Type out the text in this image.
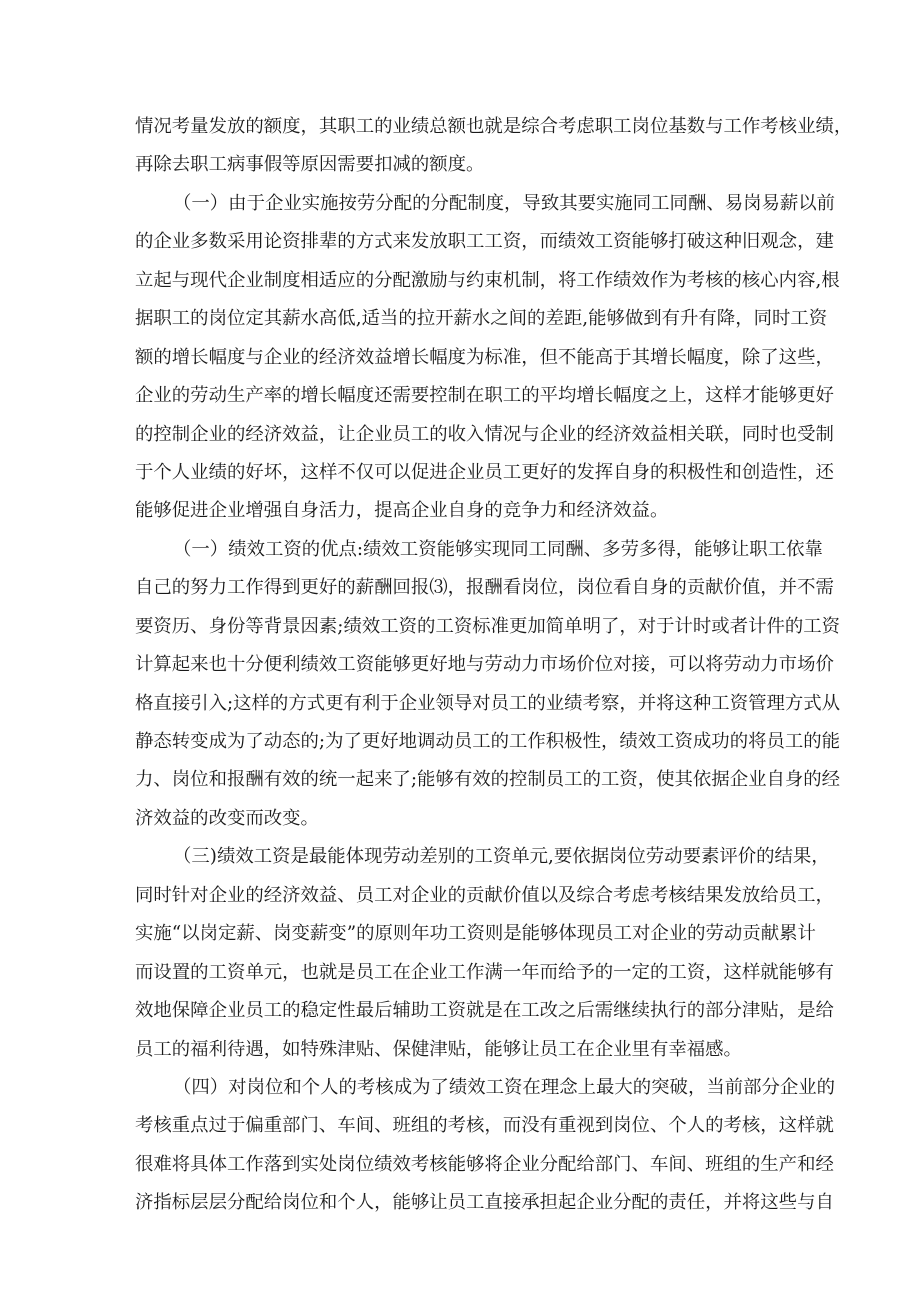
情况考量发放的额度，其职工的业绩总额也就是综合考虑职工岗位基数与工作考核业绩，
再除去职工病事假等原因需要扣减的额度。
（一）由于企业实施按劳分配的分配制度，导致其要实施同工同酬、易岗易薪以前
的企业多数采用论资排辈的方式来发放职工工资，而绩效工资能够打破这种旧观念，建
立起与现代企业制度相适应的分配激励与约束机制，将工作绩效作为考核的核心内容,根
据职工的岗位定其薪水高低,适当的拉开薪水之间的差距,能够做到有升有降，同时工资
额的增长幅度与企业的经济效益增长幅度为标准，但不能高于其增长幅度，除了这些，
企业的劳动生产率的增长幅度还需要控制在职工的平均增长幅度之上，这样才能够更好
的控制企业的经济效益，让企业员工的收入情况与企业的经济效益相关联，同时也受制
于个人业绩的好坏，这样不仅可以促进企业员工更好的发挥自身的积极性和创造性，还
能够促进企业增强自身活力，提高企业自身的竞争力和经济效益。
（一）绩效工资的优点:绩效工资能够实现同工同酬、多劳多得，能够让职工依靠
自己的努力工作得到更好的薪酬回报⑶，报酬看岗位，岗位看自身的贡献价值，并不需
要资历、身份等背景因素;绩效工资的工资标准更加简单明了，对于计时或者计件的工资
计算起来也十分便利绩效工资能够更好地与劳动力市场价位对接，可以将劳动力市场价
格直接引入;这样的方式更有利于企业领导对员工的业绩考察，并将这种工资管理方式从
静态转变成为了动态的;为了更好地调动员工的工作积极性，绩效工资成功的将员工的能
力、岗位和报酬有效的统一起来了;能够有效的控制员工的工资，使其依据企业自身的经
济效益的改变而改变。
（三)绩效工资是最能体现劳动差别的工资单元,要依据岗位劳动要素评价的结果，
同时针对企业的经济效益、员工对企业的贡献价值以及综合考虑考核结果发放给员工，
实施“以岗定薪、岗变薪变”的原则年功工资则是能够体现员工对企业的劳动贡献累计
而设置的工资单元，也就是员工在企业工作满一年而给予的一定的工资，这样就能够有
效地保障企业员工的稳定性最后辅助工资就是在工改之后需继续执行的部分津贴，是给
员工的福利待遇，如特殊津贴、保健津贴，能够让员工在企业里有幸福感。
（四）对岗位和个人的考核成为了绩效工资在理念上最大的突破，当前部分企业的
考核重点过于偏重部门、车间、班组的考核，而没有重视到岗位、个人的考核，这样就
很难将具体工作落到实处岗位绩效考核能够将企业分配给部门、车间、班组的生产和经
济指标层层分配给岗位和个人，能够让员工直接承担起企业分配的责任，并将这些与自
